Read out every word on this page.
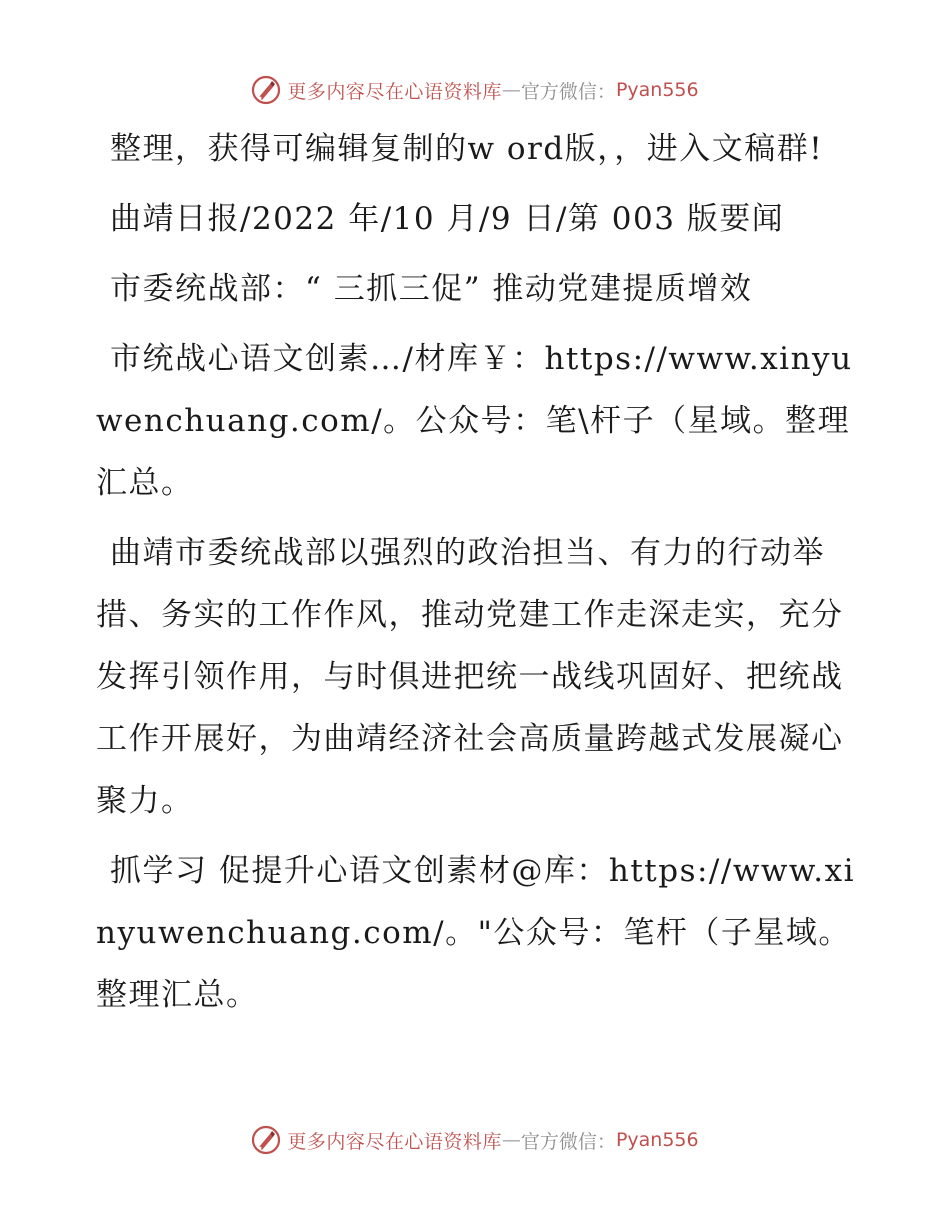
更多内容尽在心语资料库 — 官方微信： Pyan556

整理，获得可编辑复制的w ord版，，进入文稿群!

曲靖日报/2022 年/10 月/9 日/第 003 版要闻

市委统战部：“ 三抓三促” 推动党建提质增效

市统战心语文创素…/材库￥：https://www.xinyuwenchuang.com/。公众号：笔\杆子（星域。整理汇总。

曲靖市委统战部以强烈的政治担当、有力的行动举措、务实的工作作风，推动党建工作走深走实，充分发挥引领作用，与时俱进把统一战线巩固好、把统战工作开展好，为曲靖经济社会高质量跨越式发展凝心聚力。

抓学习 促提升心语文创素材@库：https://www.xinyuwenchuang.com/。"公众号：笔杆（子星域。整理汇总。

更多内容尽在心语资料库 — 官方微信： Pyan556
